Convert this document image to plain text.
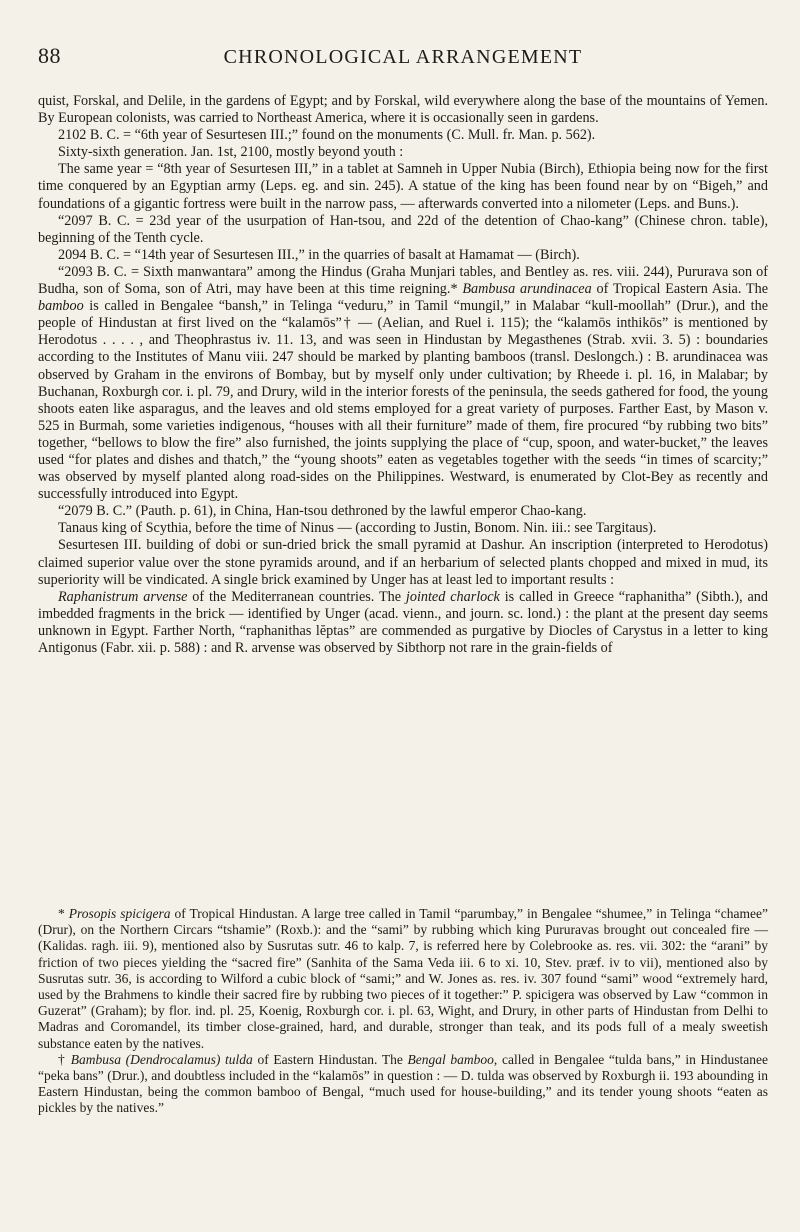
88	CHRONOLOGICAL ARRANGEMENT

quist, Forskal, and Delile, in the gardens of Egypt; and by Forskal, wild everywhere along the base of the mountains of Yemen. By European colonists, was carried to Northeast America, where it is occasionally seen in gardens.

2102 B. C. = “6th year of Sesurtesen III.;” found on the monuments (C. Mull. fr. Man. p. 562).

Sixty-sixth generation. Jan. 1st, 2100, mostly beyond youth :

The same year = “8th year of Sesurtesen III,” in a tablet at Samneh in Upper Nubia (Birch), Ethiopia being now for the first time conquered by an Egyptian army (Leps. eg. and sin. 245). A statue of the king has been found near by on “Bigeh,” and foundations of a gigantic fortress were built in the narrow pass, — afterwards converted into a nilometer (Leps. and Buns.).

“2097 B. C. = 23d year of the usurpation of Han-tsou, and 22d of the detention of Chao-kang” (Chinese chron. table), beginning of the Tenth cycle.

2094 B. C. = “14th year of Sesurtesen III.,” in the quarries of basalt at Hamamat — (Birch).

“2093 B. C. = Sixth manwantara” among the Hindus (Graha Munjari tables, and Bentley as. res. viii. 244), Pururava son of Budha, son of Soma, son of Atri, may have been at this time reigning.* Bambusa arundinacea of Tropical Eastern Asia. The bamboo is called in Bengalee “bansh,” in Telinga “veduru,” in Tamil “mungil,” in Malabar “kull-moollah” (Drur.), and the people of Hindustan at first lived on the “kalamōs”† — (Aelian, and Ruel i. 115); the “kalamōs inthikōs” is mentioned by Herodotus . . . . , and Theophrastus iv. 11. 13, and was seen in Hindustan by Megasthenes (Strab. xvii. 3. 5) : boundaries according to the Institutes of Manu viii. 247 should be marked by planting bamboos (transl. Deslongch.) : B. arundinacea was observed by Graham in the environs of Bombay, but by myself only under cultivation; by Rheede i. pl. 16, in Malabar; by Buchanan, Roxburgh cor. i. pl. 79, and Drury, wild in the interior forests of the peninsula, the seeds gathered for food, the young shoots eaten like asparagus, and the leaves and old stems employed for a great variety of purposes. Farther East, by Mason v. 525 in Burmah, some varieties indigenous, “houses with all their furniture” made of them, fire procured “by rubbing two bits” together, “bellows to blow the fire” also furnished, the joints supplying the place of “cup, spoon, and water-bucket,” the leaves used “for plates and dishes and thatch,” the “young shoots” eaten as vegetables together with the seeds “in times of scarcity;” was observed by myself planted along road-sides on the Philippines. Westward, is enumerated by Clot-Bey as recently and successfully introduced into Egypt.

“2079 B. C.” (Pauth. p. 61), in China, Han-tsou dethroned by the lawful emperor Chao-kang.

Tanaus king of Scythia, before the time of Ninus — (according to Justin, Bonom. Nin. iii.: see Targitaus).

Sesurtesen III. building of dobi or sun-dried brick the small pyramid at Dashur. An inscription (interpreted to Herodotus) claimed superior value over the stone pyramids around, and if an herbarium of selected plants chopped and mixed in mud, its superiority will be vindicated. A single brick examined by Unger has at least led to important results :

Raphanistrum arvense of the Mediterranean countries. The jointed charlock is called in Greece “raphanitha” (Sibth.), and imbedded fragments in the brick — identified by Unger (acad. vienn., and journ. sc. lond.) : the plant at the present day seems unknown in Egypt. Farther North, “raphanithas lĕptas” are commended as purgative by Diocles of Carystus in a letter to king Antigonus (Fabr. xii. p. 588) : and R. arvense was observed by Sibthorp not rare in the grain-fields of

* Prosopis spicigera of Tropical Hindustan. A large tree called in Tamil “parumbay,” in Bengalee “shumee,” in Telinga “chamee” (Drur), on the Northern Circars “tshamie” (Roxb.): and the “sami” by rubbing which king Pururavas brought out concealed fire — (Kalidas. ragh. iii. 9), mentioned also by Susrutas sutr. 46 to kalp. 7, is referred here by Colebrooke as. res. vii. 302: the “arani” by friction of two pieces yielding the “sacred fire” (Sanhita of the Sama Veda iii. 6 to xi. 10, Stev. præf. iv to vii), mentioned also by Susrutas sutr. 36, is according to Wilford a cubic block of “sami;” and W. Jones as. res. iv. 307 found “sami” wood “extremely hard, used by the Brahmens to kindle their sacred fire by rubbing two pieces of it together:” P. spicigera was observed by Law “common in Guzerat” (Graham); by flor. ind. pl. 25, Koenig, Roxburgh cor. i. pl. 63, Wight, and Drury, in other parts of Hindustan from Delhi to Madras and Coromandel, its timber close-grained, hard, and durable, stronger than teak, and its pods full of a mealy sweetish substance eaten by the natives.

† Bambusa (Dendrocalamus) tulda of Eastern Hindustan. The Bengal bamboo, called in Bengalee “tulda bans,” in Hindustanee “peka bans” (Drur.), and doubtless included in the “kalamōs” in question : — D. tulda was observed by Roxburgh ii. 193 abounding in Eastern Hindustan, being the common bamboo of Bengal, “much used for house-building,” and its tender young shoots “eaten as pickles by the natives.”
